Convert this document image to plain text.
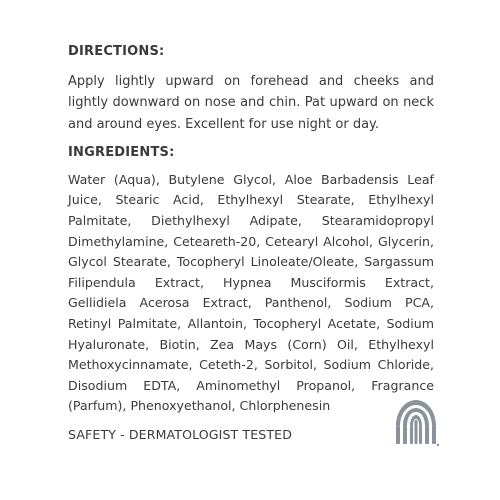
DIRECTIONS:

Apply lightly upward on forehead and cheeks and lightly downward on nose and chin. Pat upward on neck and around eyes. Excellent for use night or day.

INGREDIENTS:

Water (Aqua), Butylene Glycol, Aloe Barbadensis Leaf Juice, Stearic Acid, Ethylhexyl Stearate, Ethylhexyl Palmitate, Diethylhexyl Adipate, Stearamidopropyl Dimethylamine, Ceteareth-20, Cetearyl Alcohol, Glycerin, Glycol Stearate, Tocopheryl Linoleate/Oleate, Sargassum Filipendula Extract, Hypnea Musciformis Extract, Gellidiela Acerosa Extract, Panthenol, Sodium PCA, Retinyl Palmitate, Allantoin, Tocopheryl Acetate, Sodium Hyaluronate, Biotin, Zea Mays (Corn) Oil, Ethylhexyl Methoxycinnamate, Ceteth-2, Sorbitol, Sodium Chloride, Disodium EDTA, Aminomethyl Propanol, Fragrance (Parfum), Phenoxyethanol, Chlorphenesin

SAFETY - DERMATOLOGIST TESTED
